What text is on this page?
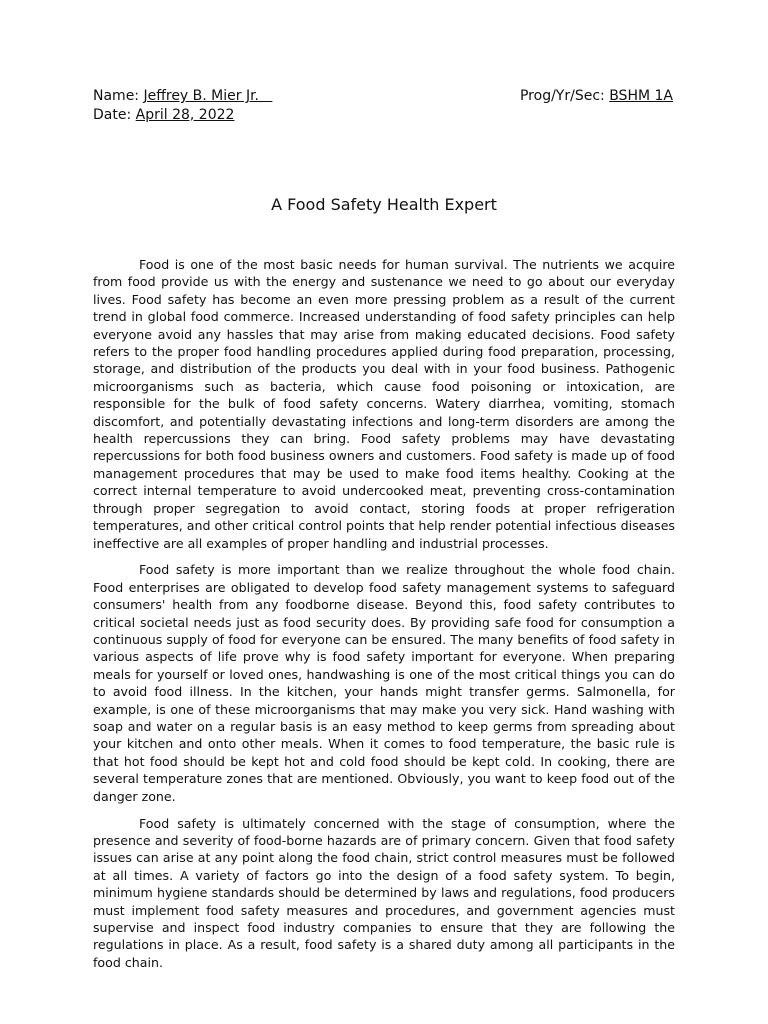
Name: Jeffrey B. Mier Jr.	Prog/Yr/Sec: BSHM 1A
Date: April 28, 2022
A Food Safety Health Expert

Food is one of the most basic needs for human survival. The nutrients we acquire from food provide us with the energy and sustenance we need to go about our everyday lives. Food safety has become an even more pressing problem as a result of the current trend in global food commerce. Increased understanding of food safety principles can help everyone avoid any hassles that may arise from making educated decisions. Food safety refers to the proper food handling procedures applied during food preparation, processing, storage, and distribution of the products you deal with in your food business. Pathogenic microorganisms such as bacteria, which cause food poisoning or intoxication, are responsible for the bulk of food safety concerns. Watery diarrhea, vomiting, stomach discomfort, and potentially devastating infections and long-term disorders are among the health repercussions they can bring. Food safety problems may have devastating repercussions for both food business owners and customers. Food safety is made up of food management procedures that may be used to make food items healthy. Cooking at the correct internal temperature to avoid undercooked meat, preventing cross-contamination through proper segregation to avoid contact, storing foods at proper refrigeration temperatures, and other critical control points that help render potential infectious diseases ineffective are all examples of proper handling and industrial processes.

Food safety is more important than we realize throughout the whole food chain. Food enterprises are obligated to develop food safety management systems to safeguard consumers' health from any foodborne disease. Beyond this, food safety contributes to critical societal needs just as food security does. By providing safe food for consumption a continuous supply of food for everyone can be ensured. The many benefits of food safety in various aspects of life prove why is food safety important for everyone. When preparing meals for yourself or loved ones, handwashing is one of the most critical things you can do to avoid food illness. In the kitchen, your hands might transfer germs. Salmonella, for example, is one of these microorganisms that may make you very sick. Hand washing with soap and water on a regular basis is an easy method to keep germs from spreading about your kitchen and onto other meals. When it comes to food temperature, the basic rule is that hot food should be kept hot and cold food should be kept cold. In cooking, there are several temperature zones that are mentioned. Obviously, you want to keep food out of the danger zone.

Food safety is ultimately concerned with the stage of consumption, where the presence and severity of food-borne hazards are of primary concern. Given that food safety issues can arise at any point along the food chain, strict control measures must be followed at all times. A variety of factors go into the design of a food safety system. To begin, minimum hygiene standards should be determined by laws and regulations, food producers must implement food safety measures and procedures, and government agencies must supervise and inspect food industry companies to ensure that they are following the regulations in place. As a result, food safety is a shared duty among all participants in the food chain.
